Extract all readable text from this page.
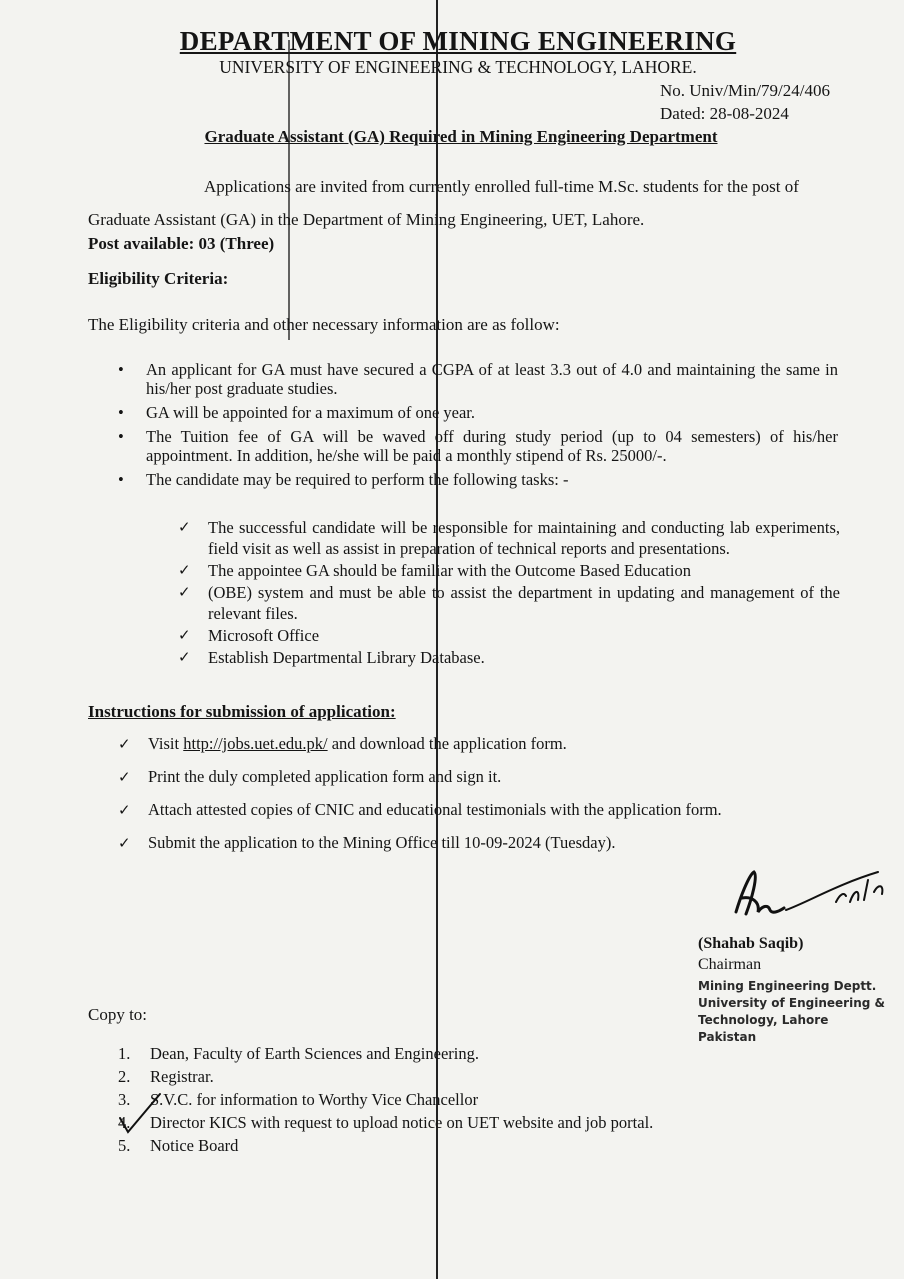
DEPARTMENT OF MINING ENGINEERING
UNIVERSITY OF ENGINEERING & TECHNOLOGY, LAHORE.
No. Univ/Min/79/24/406
Dated: 28-08-2024
Graduate Assistant (GA) Required in Mining Engineering Department
Applications are invited from currently enrolled full-time M.Sc. students for the post of Graduate Assistant (GA) in the Department of Mining Engineering, UET, Lahore.
Post available: 03 (Three)
Eligibility Criteria:
The Eligibility criteria and other necessary information are as follow:
• An applicant for GA must have secured a CGPA of at least 3.3 out of 4.0 and maintaining the same in his/her post graduate studies.
• GA will be appointed for a maximum of one year.
• The Tuition fee of GA will be waved off during study period (up to 04 semesters) of his/her appointment. In addition, he/she will be paid a monthly stipend of Rs. 25000/-.
• The candidate may be required to perform the following tasks: -
✓ The successful candidate will be responsible for maintaining and conducting lab experiments, field visit as well as assist in preparation of technical reports and presentations.
✓ The appointee GA should be familiar with the Outcome Based Education
✓ (OBE) system and must be able to assist the department in updating and management of the relevant files.
✓ Microsoft Office
✓ Establish Departmental Library Database.
Instructions for submission of application:
✓ Visit http://jobs.uet.edu.pk/ and download the application form.
✓ Print the duly completed application form and sign it.
✓ Attach attested copies of CNIC and educational testimonials with the application form.
✓ Submit the application to the Mining Office till 10-09-2024 (Tuesday).
(Shahab Saqib)
Chairman
Mining Engineering Deptt.
University of Engineering &
Technology, Lahore
Pakistan
Copy to:
1. Dean, Faculty of Earth Sciences and Engineering.
2. Registrar.
3. S.V.C. for information to Worthy Vice Chancellor
4. Director KICS with request to upload notice on UET website and job portal.
5. Notice Board
